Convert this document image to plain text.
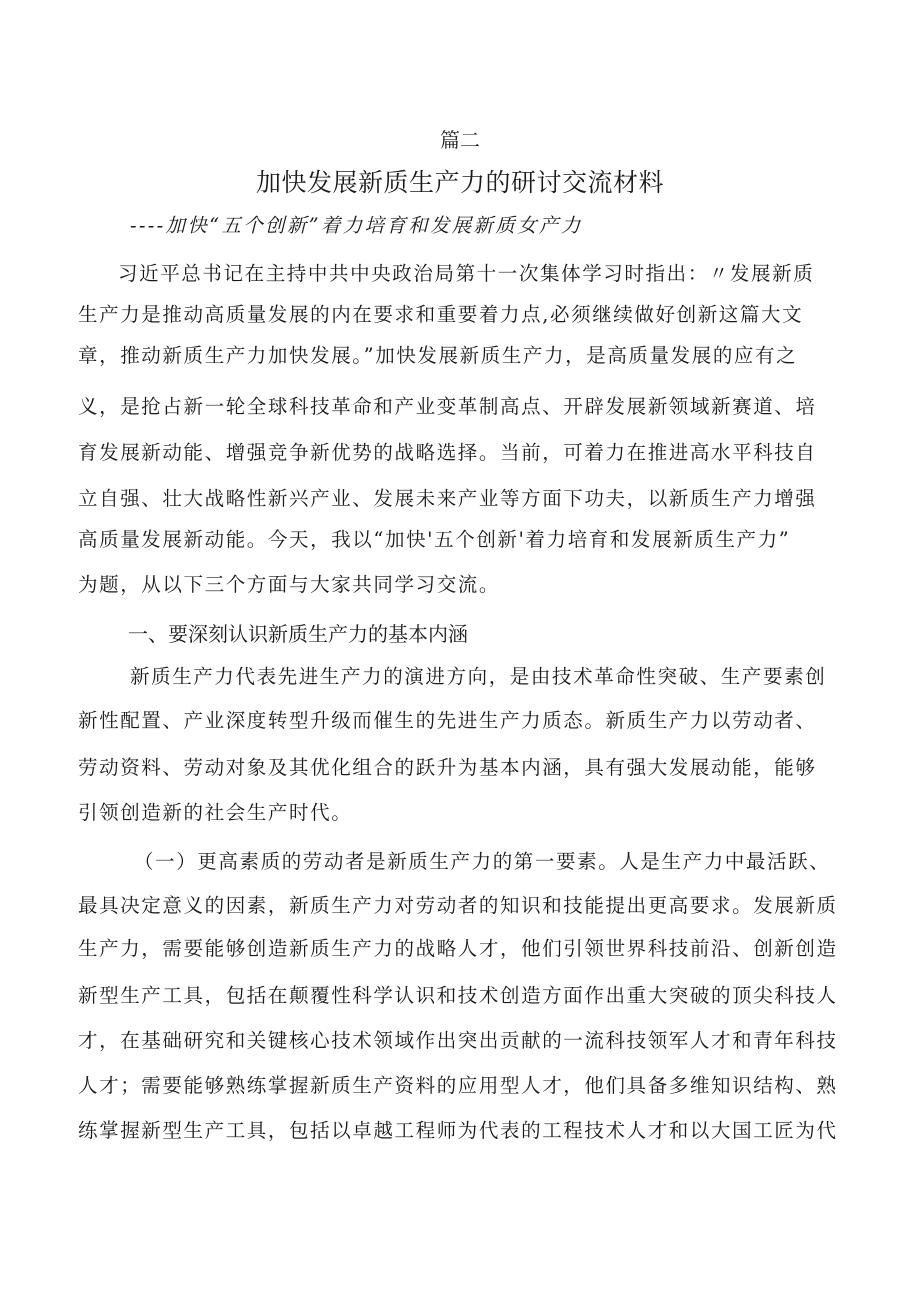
篇二
加快发展新质生产力的研讨交流材料
----加快“五个创新”着力培育和发展新质女产力
习近平总书记在主持中共中央政治局第十一次集体学习时指出：〃发展新质
生产力是推动高质量发展的内在要求和重要着力点,必须继续做好创新这篇大文
章，推动新质生产力加快发展。”加快发展新质生产力，是高质量发展的应有之
义，是抢占新一轮全球科技革命和产业变革制高点、开辟发展新领域新赛道、培
育发展新动能、增强竞争新优势的战略选择。当前，可着力在推进高水平科技自
立自强、壮大战略性新兴产业、发展未来产业等方面下功夫，以新质生产力增强
高质量发展新动能。今天，我以“加快'五个创新'着力培育和发展新质生产力”
为题，从以下三个方面与大家共同学习交流。
一、要深刻认识新质生产力的基本内涵
新质生产力代表先进生产力的演进方向，是由技术革命性突破、生产要素创
新性配置、产业深度转型升级而催生的先进生产力质态。新质生产力以劳动者、
劳动资料、劳动对象及其优化组合的跃升为基本内涵，具有强大发展动能，能够
引领创造新的社会生产时代。
（一）更高素质的劳动者是新质生产力的第一要素。人是生产力中最活跃、
最具决定意义的因素，新质生产力对劳动者的知识和技能提出更高要求。发展新质
生产力，需要能够创造新质生产力的战略人才，他们引领世界科技前沿、创新创造
新型生产工具，包括在颠覆性科学认识和技术创造方面作出重大突破的顶尖科技人
才，在基础研究和关键核心技术领域作出突出贡献的一流科技领军人才和青年科技
人才；需要能够熟练掌握新质生产资料的应用型人才，他们具备多维知识结构、熟
练掌握新型生产工具，包括以卓越工程师为代表的工程技术人才和以大国工匠为代
